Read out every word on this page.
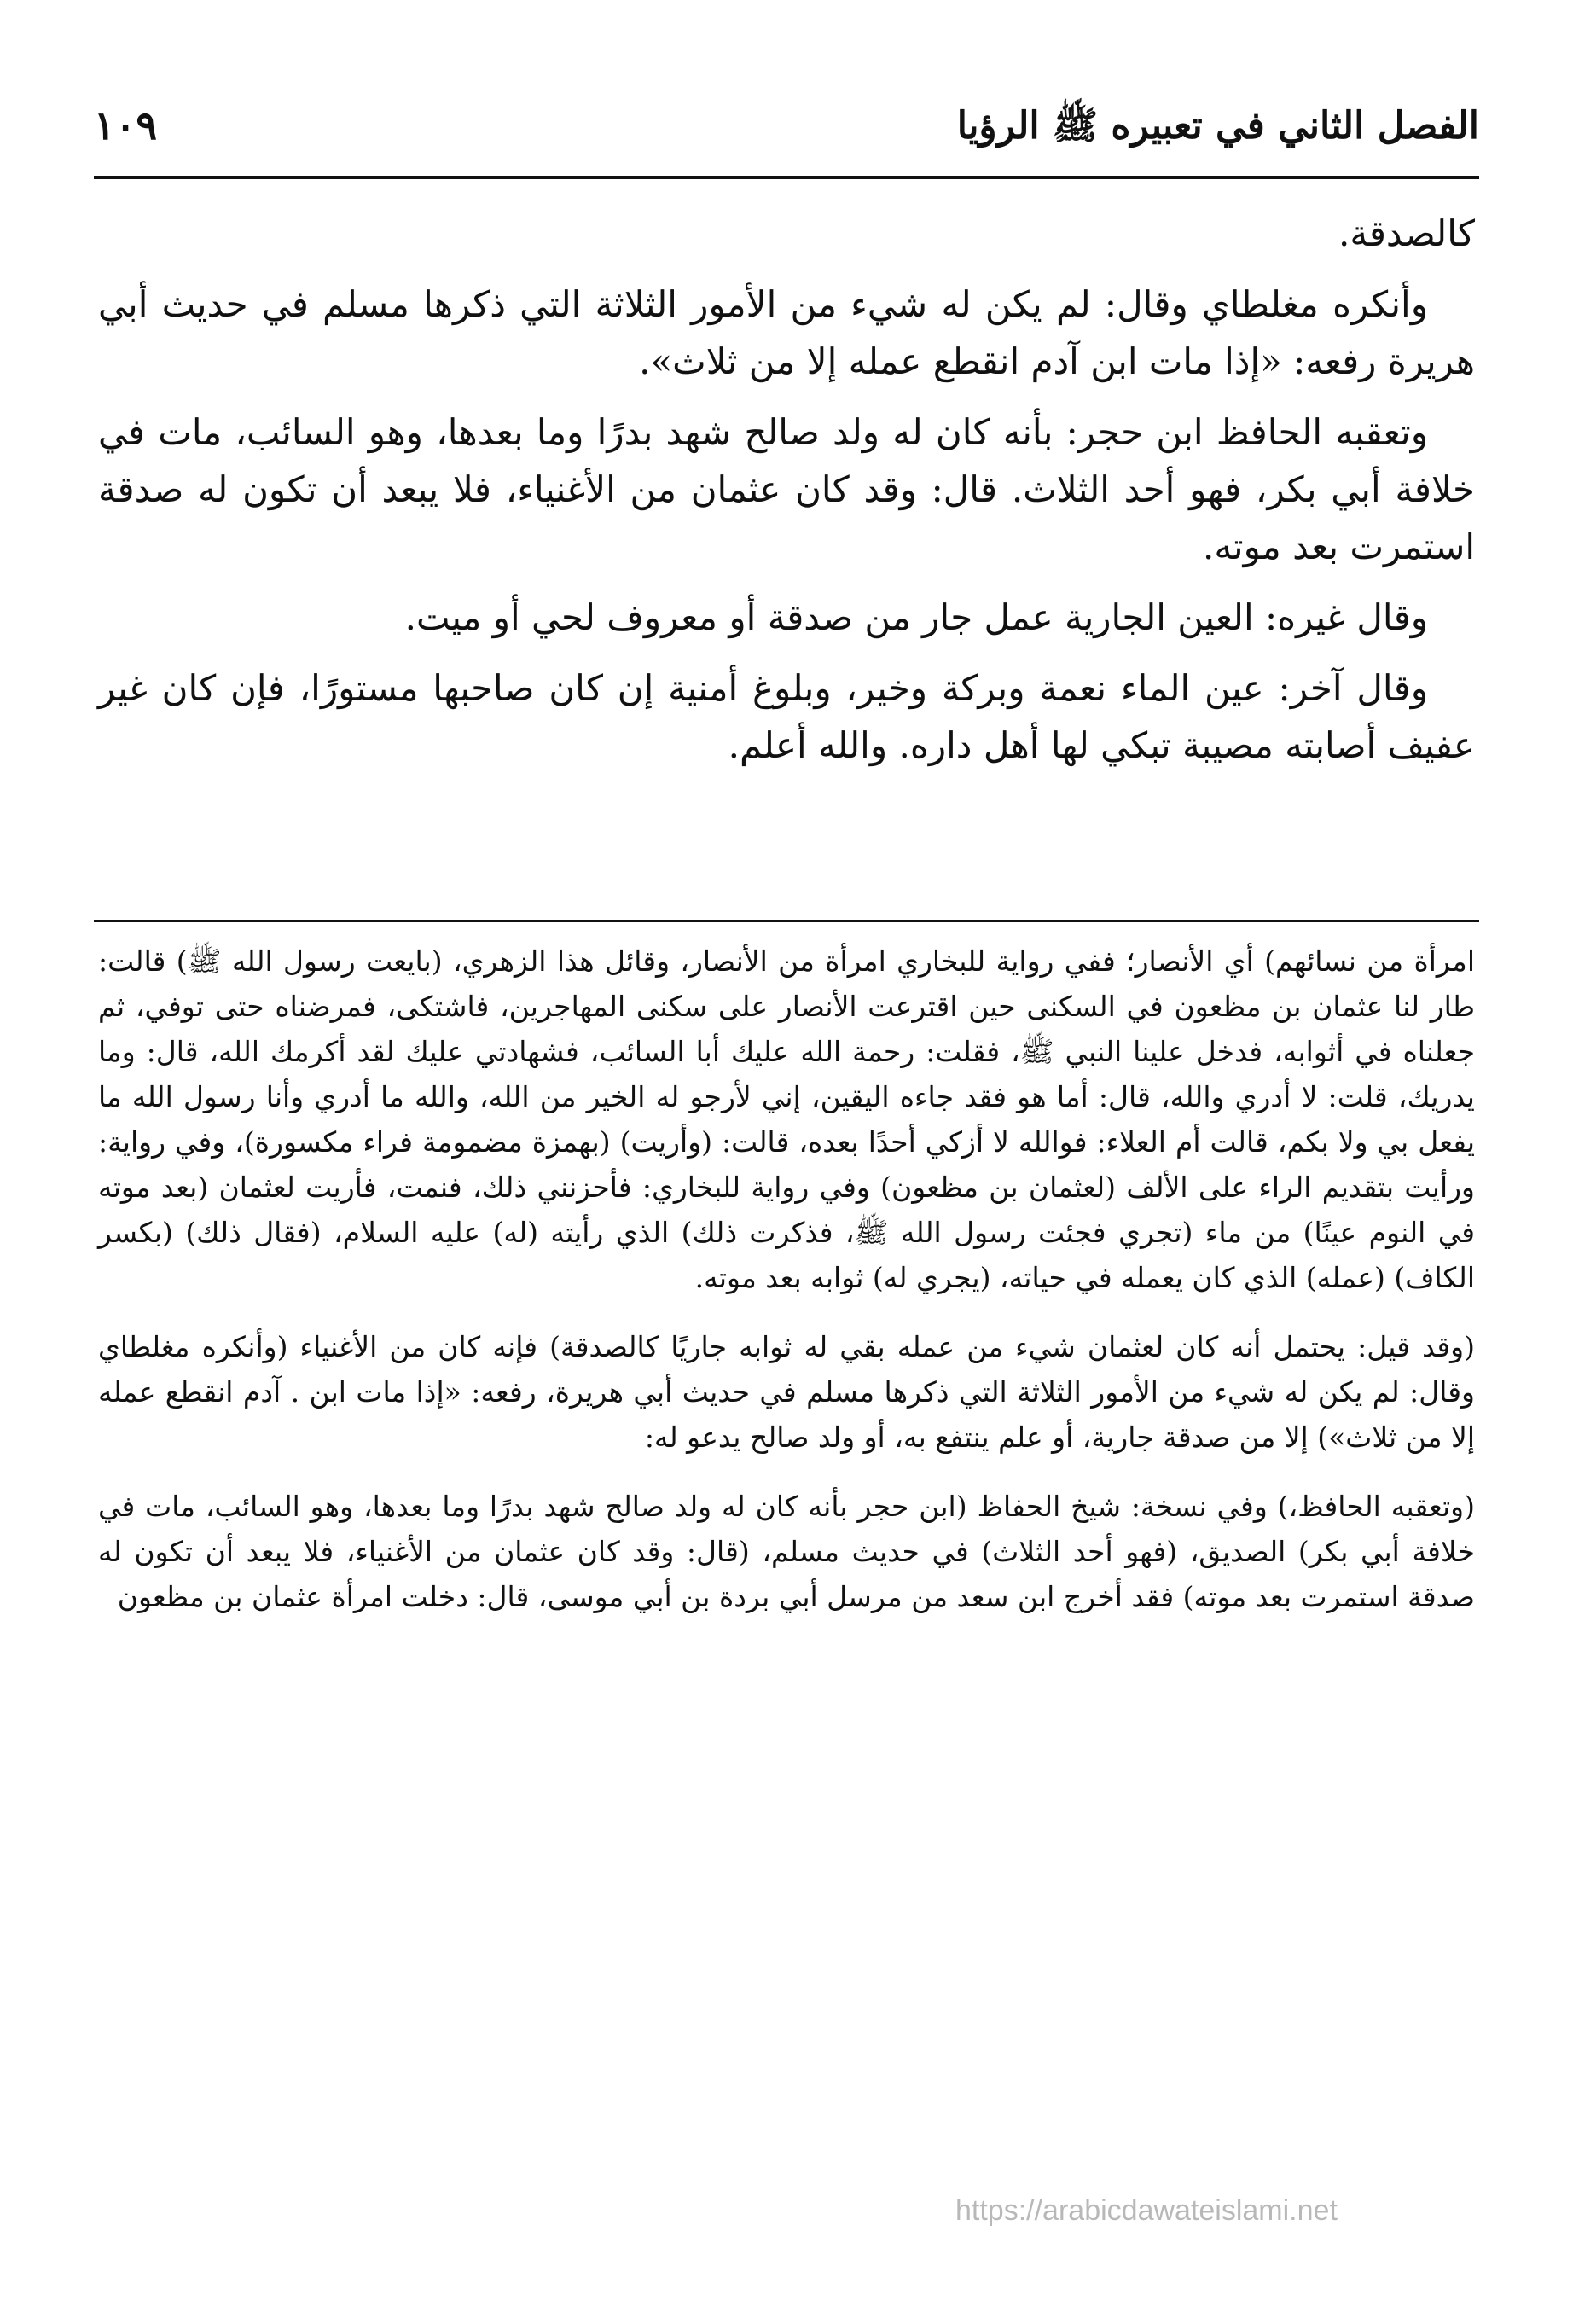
الفصل الثاني في تعبيره ﷺ الرؤيا
١٠٩

كالصدقة.

وأنكره مغلطاي وقال: لم يكن له شيء من الأمور الثلاثة التي ذكرها مسلم في حديث أبي هريرة رفعه: «إذا مات ابن آدم انقطع عمله إلا من ثلاث».

وتعقبه الحافظ ابن حجر: بأنه كان له ولد صالح شهد بدرًا وما بعدها، وهو السائب، مات في خلافة أبي بكر، فهو أحد الثلاث. قال: وقد كان عثمان من الأغنياء، فلا يبعد أن تكون له صدقة استمرت بعد موته.

وقال غيره: العين الجارية عمل جار من صدقة أو معروف لحي أو ميت.

وقال آخر: عين الماء نعمة وبركة وخير، وبلوغ أمنية إن كان صاحبها مستورًا، فإن كان غير عفيف أصابته مصيبة تبكي لها أهل داره. والله أعلم.

امرأة من نسائهم) أي الأنصار؛ ففي رواية للبخاري امرأة من الأنصار، وقائل هذا الزهري، (بايعت رسول الله ﷺ) قالت: طار لنا عثمان بن مظعون في السكنى حين اقترعت الأنصار على سكنى المهاجرين، فاشتكى، فمرضناه حتى توفي، ثم جعلناه في أثوابه، فدخل علينا النبي ﷺ، فقلت: رحمة الله عليك أبا السائب، فشهادتي عليك لقد أكرمك الله، قال: وما يدريك، قلت: لا أدري والله، قال: أما هو فقد جاءه اليقين، إني لأرجو له الخير من الله، والله ما أدري وأنا رسول الله ما يفعل بي ولا بكم، قالت أم العلاء: فوالله لا أزكي أحدًا بعده، قالت: (وأريت) (بهمزة مضمومة فراء مكسورة)، وفي رواية: ورأيت بتقديم الراء على الألف (لعثمان بن مظعون) وفي رواية للبخاري: فأحزنني ذلك، فنمت، فأريت لعثمان (بعد موته في النوم عينًا) من ماء (تجري فجئت رسول الله ﷺ، فذكرت ذلك) الذي رأيته (له) عليه السلام، (فقال ذلك) (بكسر الكاف) (عمله) الذي كان يعمله في حياته، (يجري له) ثوابه بعد موته.

(وقد قيل: يحتمل أنه كان لعثمان شيء من عمله بقي له ثوابه جاريًا كالصدقة) فإنه كان من الأغنياء (وأنكره مغلطاي وقال: لم يكن له شيء من الأمور الثلاثة التي ذكرها مسلم في حديث أبي هريرة، رفعه: «إذا مات ابن . آدم انقطع عمله إلا من ثلاث») إلا من صدقة جارية، أو علم ينتفع به، أو ولد صالح يدعو له:

(وتعقبه الحافظ،) وفي نسخة: شيخ الحفاظ (ابن حجر بأنه كان له ولد صالح شهد بدرًا وما بعدها، وهو السائب، مات في خلافة أبي بكر) الصديق، (فهو أحد الثلاث) في حديث مسلم، (قال: وقد كان عثمان من الأغنياء، فلا يبعد أن تكون له صدقة استمرت بعد موته) فقد أخرج ابن سعد من مرسل أبي بردة بن أبي موسى، قال: دخلت امرأة عثمان بن مظعون

https://arabicdawateislami.net
